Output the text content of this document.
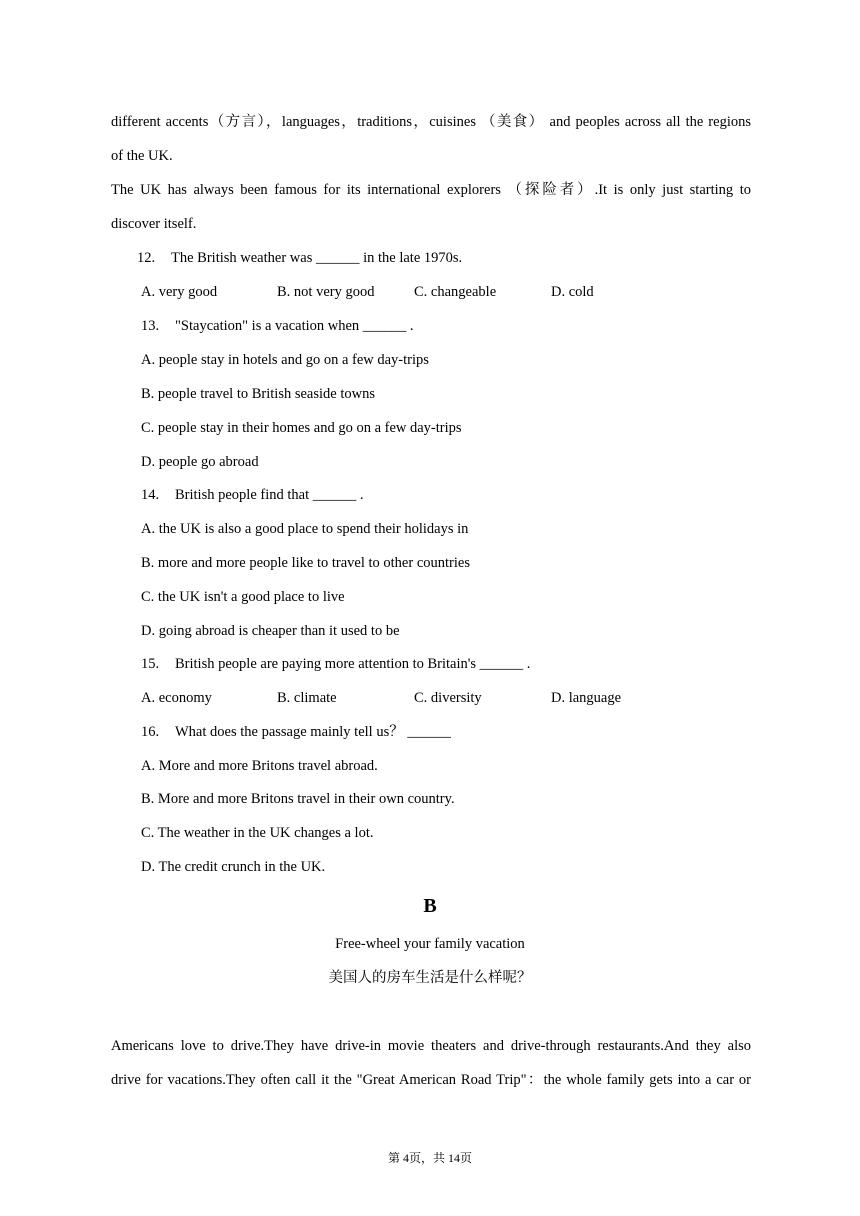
different accents（方言），languages，traditions，cuisines （美食） and peoples across all the regions
of the UK.
The UK has always been famous for its international explorers （探险者）.It is only just starting to
discover itself.
12. The British weather was ______ in the late 1970s.
A. very good	B. not very good	C. changeable	D. cold
13. "Staycation" is a vacation when ______ .
A. people stay in hotels and go on a few day-trips
B. people travel to British seaside towns
C. people stay in their homes and go on a few day-trips
D. people go abroad
14. British people find that ______ .
A. the UK is also a good place to spend their holidays in
B. more and more people like to travel to other countries
C. the UK isn't a good place to live
D. going abroad is cheaper than it used to be
15. British people are paying more attention to Britain's ______ .
A. economy	B. climate	C. diversity	D. language
16. What does the passage mainly tell us？ ______
A. More and more Britons travel abroad.
B. More and more Britons travel in their own country.
C. The weather in the UK changes a lot.
D. The credit crunch in the UK.
B
Free-wheel your family vacation
美国人的房车生活是什么样呢？
Americans love to drive.They have drive-in movie theaters and drive-through restaurants.And they also
drive for vacations.They often call it the "Great American Road Trip"：the whole family gets into a car or
第 4页，共 14页
